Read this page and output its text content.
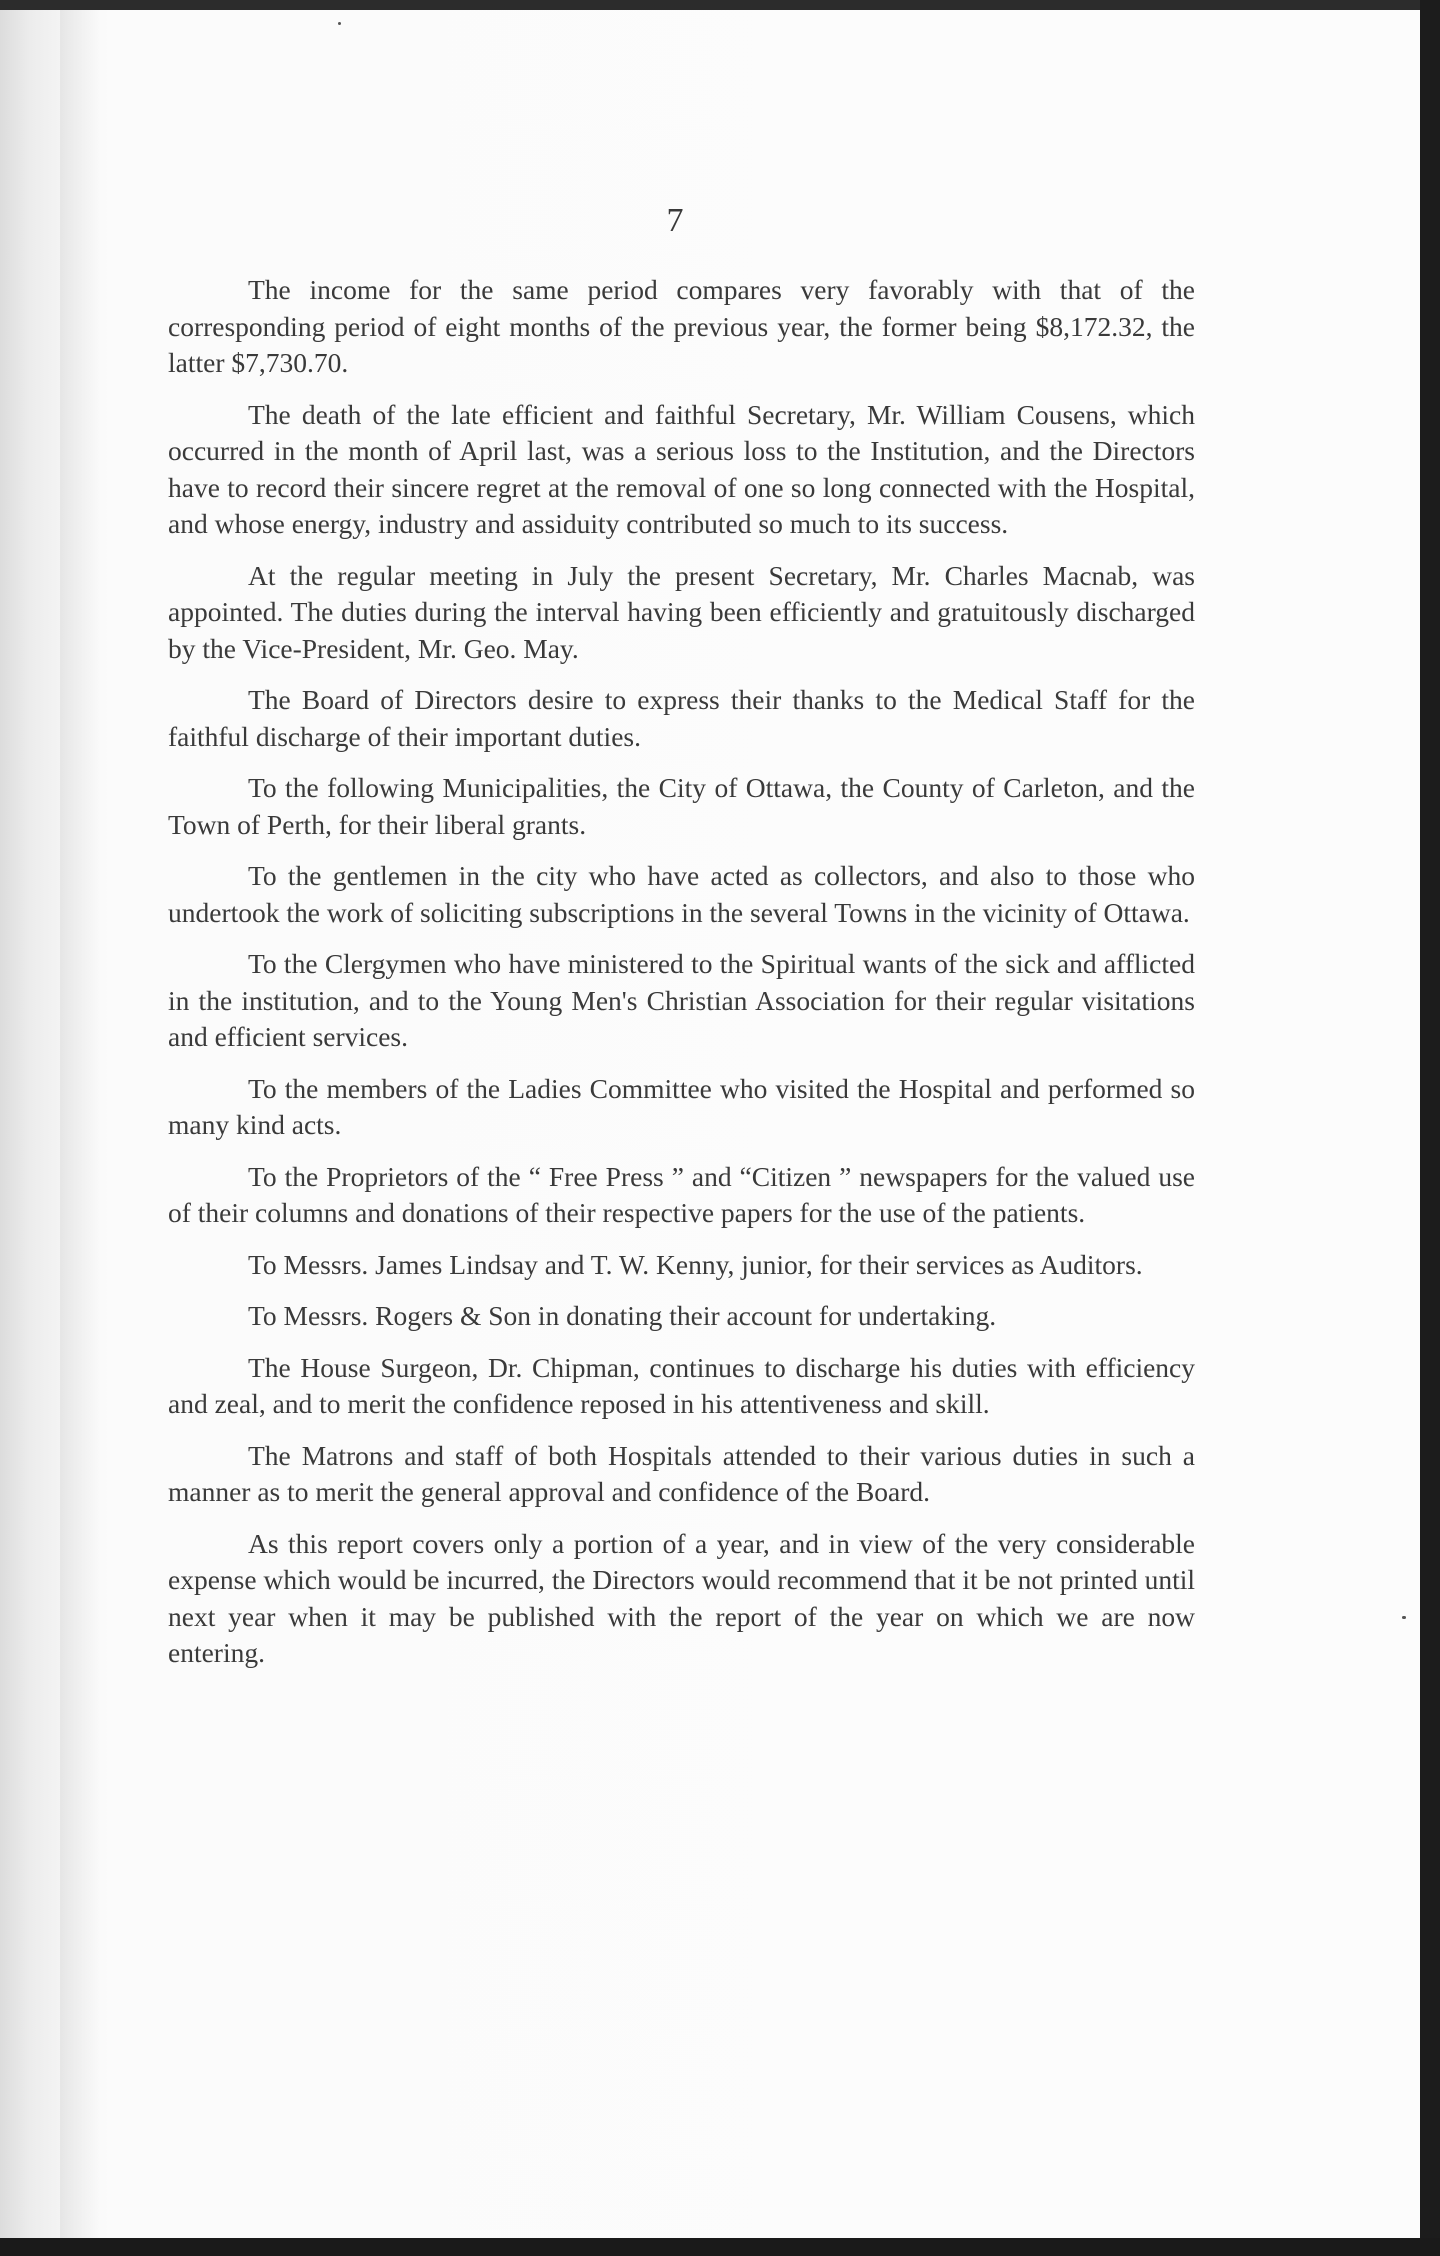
7

The income for the same period compares very favorably with that of the corresponding period of eight months of the previous year, the former being $8,172.32, the latter $7,730.70.

The death of the late efficient and faithful Secretary, Mr. William Cousens, which occurred in the month of April last, was a serious loss to the Institution, and the Directors have to record their sincere regret at the removal of one so long connected with the Hospital, and whose energy, industry and assiduity contributed so much to its success.

At the regular meeting in July the present Secretary, Mr. Charles Macnab, was appointed. The duties during the interval having been efficiently and gratuitously discharged by the Vice-President, Mr. Geo. May.

The Board of Directors desire to express their thanks to the Medical Staff for the faithful discharge of their important duties.

To the following Municipalities, the City of Ottawa, the County of Carleton, and the Town of Perth, for their liberal grants.

To the gentlemen in the city who have acted as collectors, and also to those who undertook the work of soliciting subscriptions in the several Towns in the vicinity of Ottawa.

To the Clergymen who have ministered to the Spiritual wants of the sick and afflicted in the institution, and to the Young Men's Christian Association for their regular visitations and efficient services.

To the members of the Ladies Committee who visited the Hospital and performed so many kind acts.

To the Proprietors of the “ Free Press ” and “Citizen ” newspapers for the valued use of their columns and donations of their respective papers for the use of the patients.

To Messrs. James Lindsay and T. W. Kenny, junior, for their services as Auditors.

To Messrs. Rogers & Son in donating their account for undertaking.

The House Surgeon, Dr. Chipman, continues to discharge his duties with efficiency and zeal, and to merit the confidence reposed in his attentiveness and skill.

The Matrons and staff of both Hospitals attended to their various duties in such a manner as to merit the general approval and confidence of the Board.

As this report covers only a portion of a year, and in view of the very considerable expense which would be incurred, the Directors would recommend that it be not printed until next year when it may be published with the report of the year on which we are now entering.
